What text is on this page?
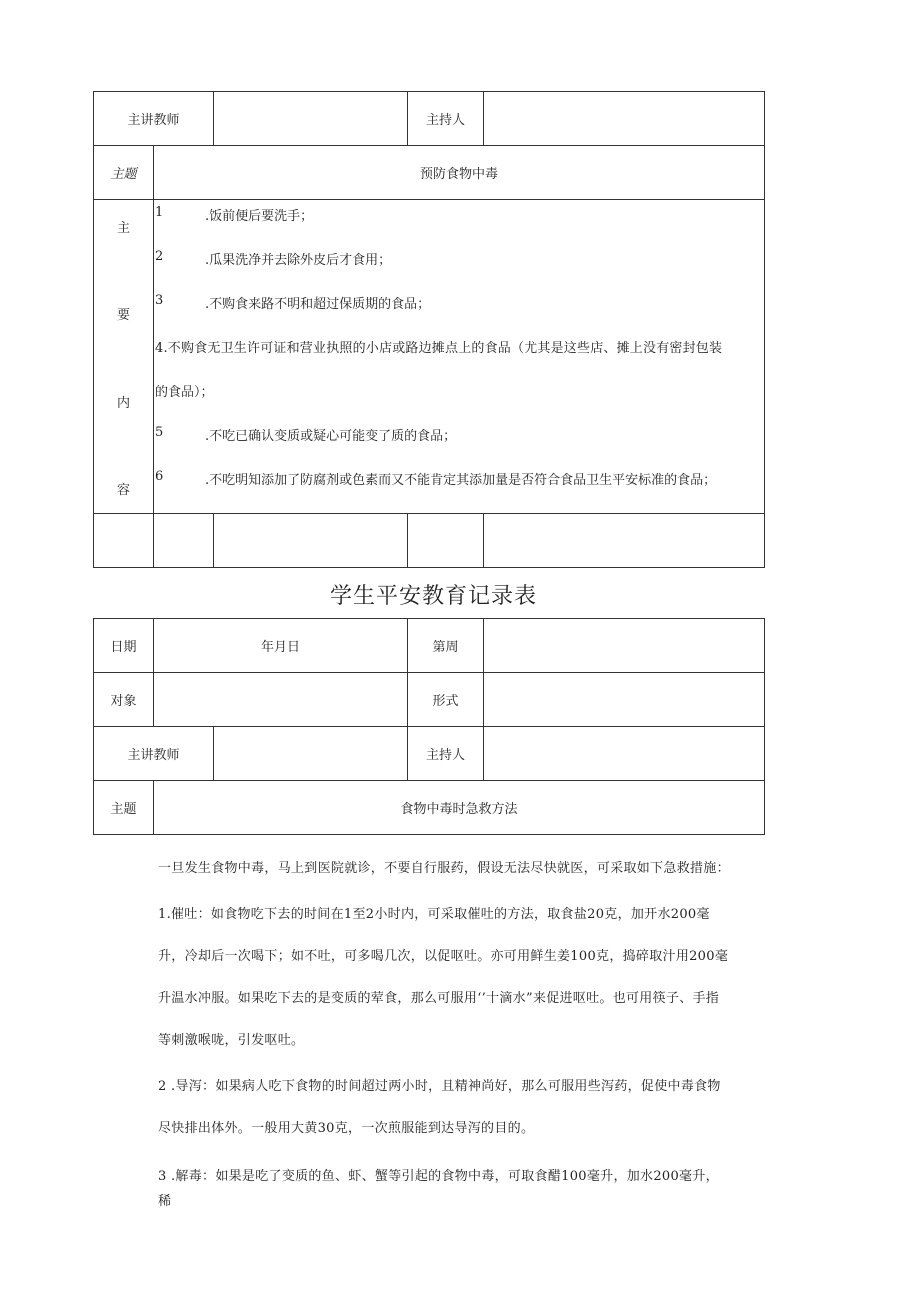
主讲教师	主持人
主题	预防食物中毒
主
要
内
容
1	.饭前便后要洗手；
2	.瓜果洗净并去除外皮后才食用；
3	.不购食来路不明和超过保质期的食品；
4.不购食无卫生许可证和营业执照的小店或路边摊点上的食品（尤其是这些店、摊上没有密封包装
的食品）；
5	.不吃已确认变质或疑心可能变了质的食品；
6	.不吃明知添加了防腐剂或色素而又不能肯定其添加量是否符合食品卫生平安标准的食品；
学生平安教育记录表
日期	年月日	第周
对象	形式
主讲教师	主持人
主题	食物中毒时急救方法
一旦发生食物中毒，马上到医院就诊，不要自行服药，假设无法尽快就医，可采取如下急救措施：
1.催吐：如食物吃下去的时间在1至2小时内，可采取催吐的方法，取食盐20克，加开水200毫
升，冷却后一次喝下；如不吐，可多喝几次，以促呕吐。亦可用鲜生姜100克，捣碎取汁用200毫
升温水冲服。如果吃下去的是变质的荤食，那么可服用‘’十滴水”来促进呕吐。也可用筷子、手指
等刺激喉咙，引发呕吐。
2 .导泻：如果病人吃下食物的时间超过两小时，且精神尚好，那么可服用些泻药，促使中毒食物
尽快排出体外。一般用大黄30克，一次煎服能到达导泻的目的。
3 .解毒：如果是吃了变质的鱼、虾、蟹等引起的食物中毒，可取食醋100毫升，加水200毫升，
稀
